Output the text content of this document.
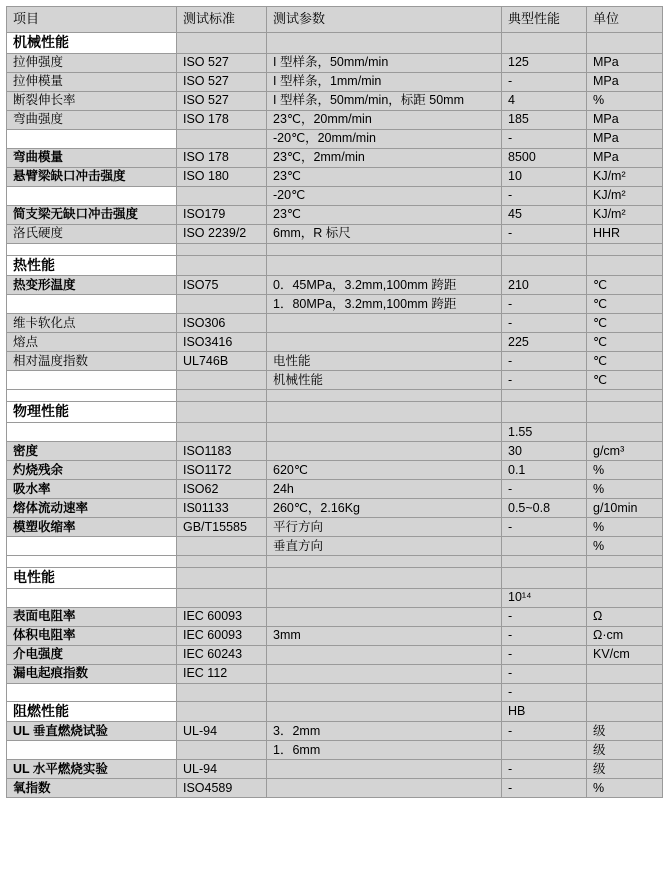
项目	测试标准	测试参数	典型性能	单位
机械性能				
拉伸强度	ISO 527	I 型样条，50mm/min	125	MPa
拉伸模量	ISO 527	I 型样条，1mm/min	-	MPa
断裂伸长率	ISO 527	I 型样条，50mm/min，标距 50mm	4	%
弯曲强度	ISO 178	23℃，20mm/min	185	MPa
		-20℃，20mm/min	-	MPa
弯曲模量	ISO 178	23℃，2mm/min	8500	MPa
悬臂梁缺口冲击强度	ISO 180	23℃	10	KJ/m²
		-20℃	-	KJ/m²
简支梁无缺口冲击强度	ISO179	23℃	45	KJ/m²
洛氏硬度	ISO 2239/2	6mm，R 标尺	-	HHR

热性能				
热变形温度	ISO75	0．45MPa，3.2mm,100mm 跨距	210	℃
		1．80MPa，3.2mm,100mm 跨距	-	℃
维卡软化点	ISO306		-	℃
熔点	ISO3416		225	℃
相对温度指数	UL746B	电性能	-	℃
		机械性能	-	℃

物理性能				
			1.55	
密度	ISO1183		30	g/cm³
灼烧残余	ISO1172	620℃	0.1	%
吸水率	ISO62	24h	-	%
熔体流动速率	IS01133	260℃，2.16Kg	0.5~0.8	g/10min
模塑收缩率	GB/T15585	平行方向	-	%
		垂直方向		%

电性能				
			10¹⁴	
表面电阻率	IEC 60093		-	Ω
体积电阻率	IEC 60093	3mm	-	Ω·cm
介电强度	IEC 60243		-	KV/cm
漏电起痕指数	IEC 112		-	
			-	
阻燃性能			HB	
UL 垂直燃烧试验	UL-94	3．2mm	-	级
		1．6mm		级
UL 水平燃烧实验	UL-94		-	级
氧指数	ISO4589		-	%
